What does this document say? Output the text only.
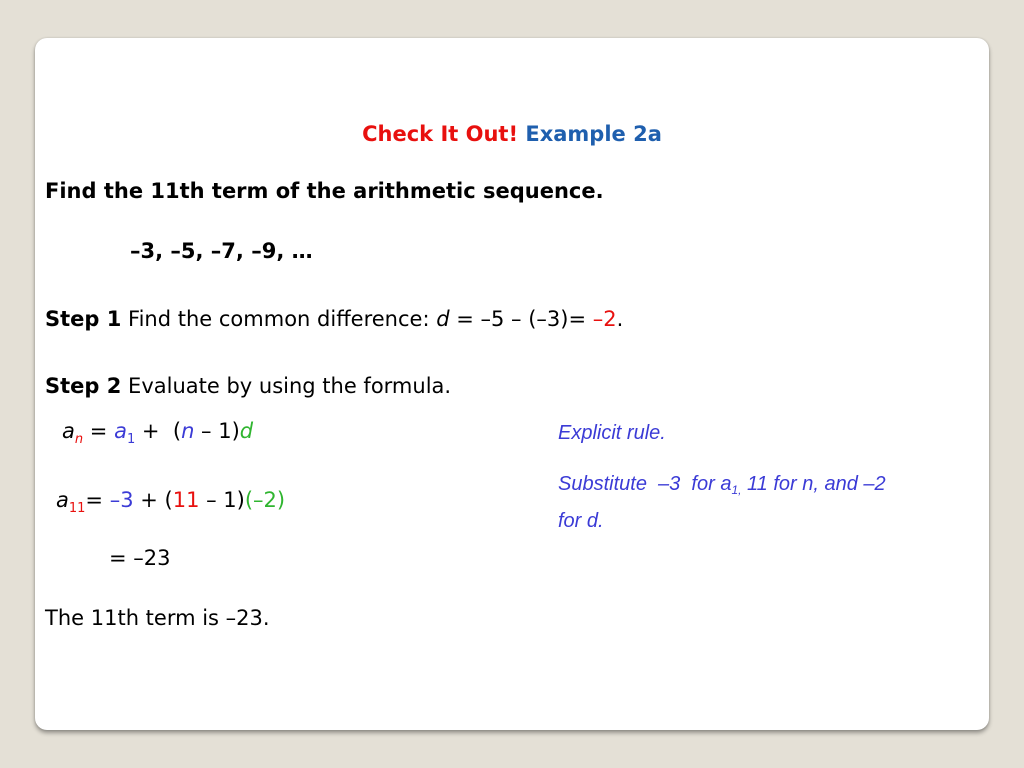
Check It Out! Example 2a
Find the 11th term of the arithmetic sequence.
–3, –5, –7, –9, …
Step 1 Find the common difference: d = –5 – (–3)= –2.
Step 2 Evaluate by using the formula.
$a_n = a_1 + (n - 1)d$
$a_{11}= -3 + (11 - 1)(-2)$
= –23
The 11th term is –23.
Explicit rule.
Substitute  –3  for $a_{1,}$ 11 for n, and –2
for d.
